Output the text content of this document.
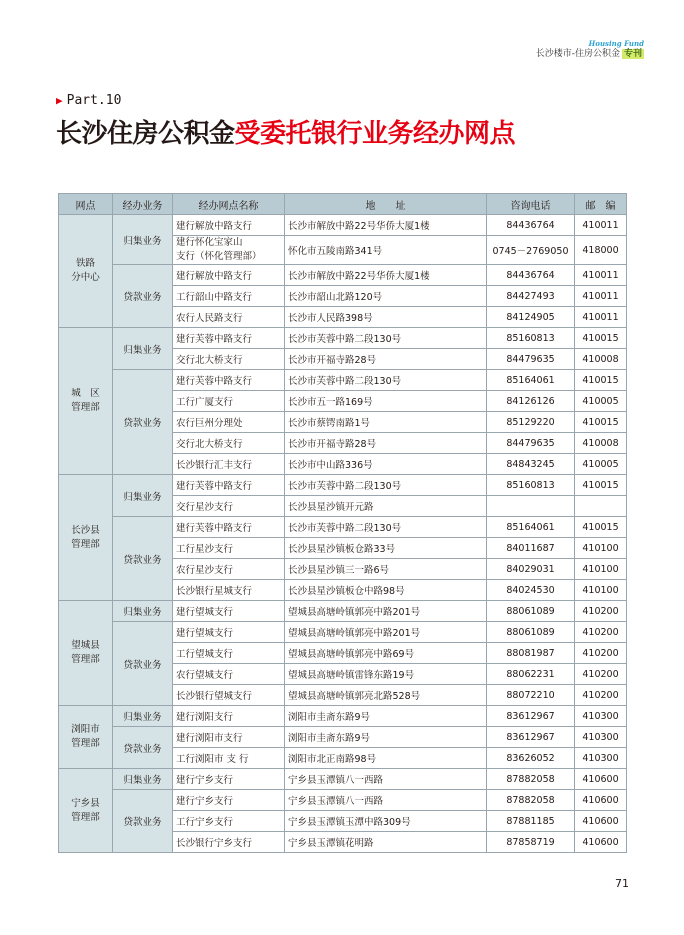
Housing Fund
长沙楼市-住房公积金 专刊
▶ Part.10
长沙住房公积金受委托银行业务经办网点
网点	经办业务	经办网点名称	地　　址	咨询电话	邮　编
铁路
分中心	归集业务	建行解放中路支行	长沙市解放中路22号华侨大厦1楼	84436764	410011
		建行怀化宝家山
支行（怀化管理部）	怀化市五陵南路341号	0745－2769050	418000
	贷款业务	建行解放中路支行	长沙市解放中路22号华侨大厦1楼	84436764	410011
		工行韶山中路支行	长沙市韶山北路120号	84427493	410011
		农行人民路支行	长沙市人民路398号	84124905	410011
城　区
管理部	归集业务	建行芙蓉中路支行	长沙市芙蓉中路二段130号	85160813	410015
		交行北大桥支行	长沙市开福寺路28号	84479635	410008
	贷款业务	建行芙蓉中路支行	长沙市芙蓉中路二段130号	85164061	410015
		工行广厦支行	长沙市五一路169号	84126126	410005
		农行巨州分理处	长沙市蔡锷南路1号	85129220	410015
		交行北大桥支行	长沙市开福寺路28号	84479635	410008
		长沙银行汇丰支行	长沙市中山路336号	84843245	410005
长沙县
管理部	归集业务	建行芙蓉中路支行	长沙市芙蓉中路二段130号	85160813	410015
		交行星沙支行	长沙县星沙镇开元路		
	贷款业务	建行芙蓉中路支行	长沙市芙蓉中路二段130号	85164061	410015
		工行星沙支行	长沙县星沙镇板仓路33号	84011687	410100
		农行星沙支行	长沙县星沙镇三一路6号	84029031	410100
		长沙银行星城支行	长沙县星沙镇板仓中路98号	84024530	410100
望城县
管理部	归集业务	建行望城支行	望城县高塘岭镇郭亮中路201号	88061089	410200
	贷款业务	建行望城支行	望城县高塘岭镇郭亮中路201号	88061089	410200
		工行望城支行	望城县高塘岭镇郭亮中路69号	88081987	410200
		农行望城支行	望城县高塘岭镇雷锋东路19号	88062231	410200
		长沙银行望城支行	望城县高塘岭镇郭亮北路528号	88072210	410200
浏阳市
管理部	归集业务	建行浏阳支行	浏阳市圭斋东路9号	83612967	410300
	贷款业务	建行浏阳市支行	浏阳市圭斋东路9号	83612967	410300
		工行浏阳市 支 行	浏阳市北正南路98号	83626052	410300
宁乡县
管理部	归集业务	建行宁乡支行	宁乡县玉潭镇八一西路	87882058	410600
	贷款业务	建行宁乡支行	宁乡县玉潭镇八一西路	87882058	410600
		工行宁乡支行	宁乡县玉潭镇玉潭中路309号	87881185	410600
		长沙银行宁乡支行	宁乡县玉潭镇花明路	87858719	410600
71
